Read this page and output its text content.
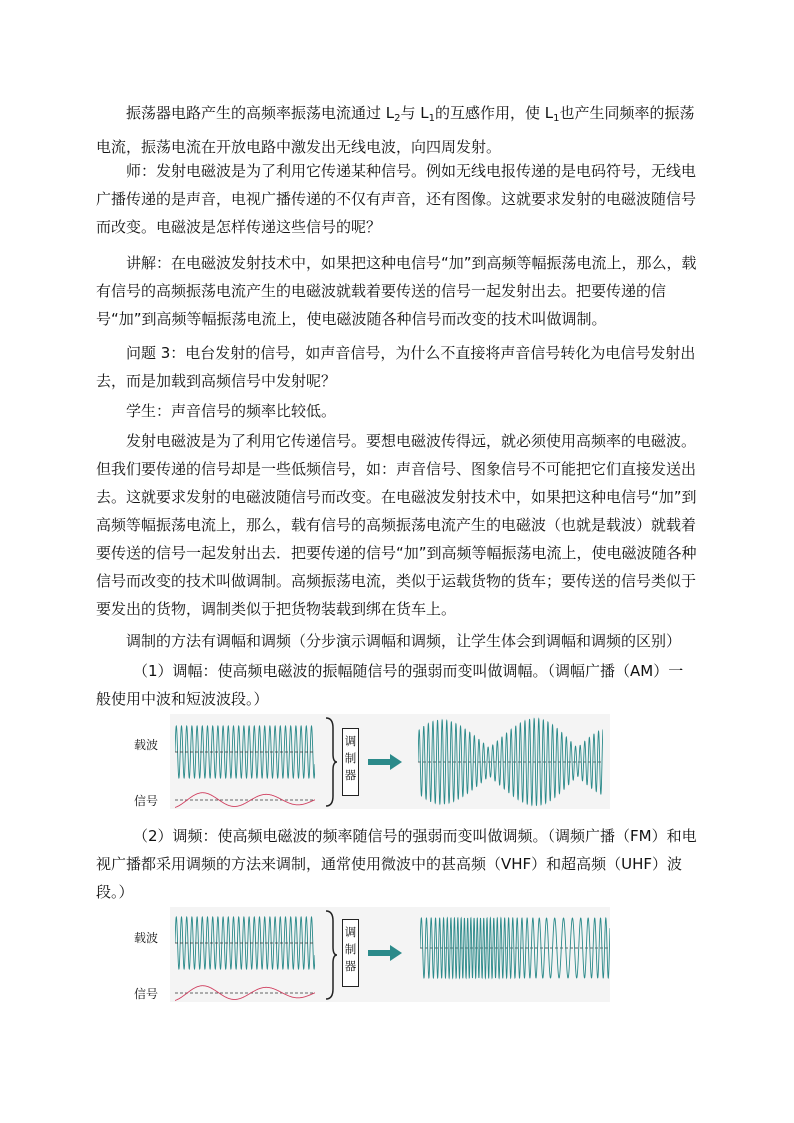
振荡器电路产生的高频率振荡电流通过 $L_2$与 $L_1$的互感作用，使 $L_1$也产生同频率的振荡电流，振荡电流在开放电路中激发出无线电波，向四周发射。

师：发射电磁波是为了利用它传递某种信号。例如无线电报传递的是电码符号，无线电广播传递的是声音，电视广播传递的不仅有声音，还有图像。这就要求发射的电磁波随信号而改变。电磁波是怎样传递这些信号的呢？

讲解：在电磁波发射技术中，如果把这种电信号“加”到高频等幅振荡电流上，那么，载有信号的高频振荡电流产生的电磁波就载着要传送的信号一起发射出去。把要传递的信号“加”到高频等幅振荡电流上，使电磁波随各种信号而改变的技术叫做调制。

问题 3：电台发射的信号，如声音信号，为什么不直接将声音信号转化为电信号发射出去，而是加载到高频信号中发射呢？

学生：声音信号的频率比较低。

发射电磁波是为了利用它传递信号。要想电磁波传得远，就必须使用高频率的电磁波。但我们要传递的信号却是一些低频信号，如：声音信号、图象信号不可能把它们直接发送出去。这就要求发射的电磁波随信号而改变。在电磁波发射技术中，如果把这种电信号“加”到高频等幅振荡电流上，那么，载有信号的高频振荡电流产生的电磁波（也就是载波）就载着要传送的信号一起发射出去．把要传递的信号“加”到高频等幅振荡电流上，使电磁波随各种信号而改变的技术叫做调制。高频振荡电流，类似于运载货物的货车；要传送的信号类似于要发出的货物，调制类似于把货物装载到绑在货车上。

调制的方法有调幅和调频（分步演示调幅和调频，让学生体会到调幅和调频的区别）

（1）调幅：使高频电磁波的振幅随信号的强弱而变叫做调幅。（调幅广播（AM）一般使用中波和短波波段。）

载波
信号
调
制
器

（2）调频：使高频电磁波的频率随信号的强弱而变叫做调频。（调频广播（FM）和电视广播都采用调频的方法来调制，通常使用微波中的甚高频（VHF）和超高频（UHF）波段。）

载波
信号
调
制
器
